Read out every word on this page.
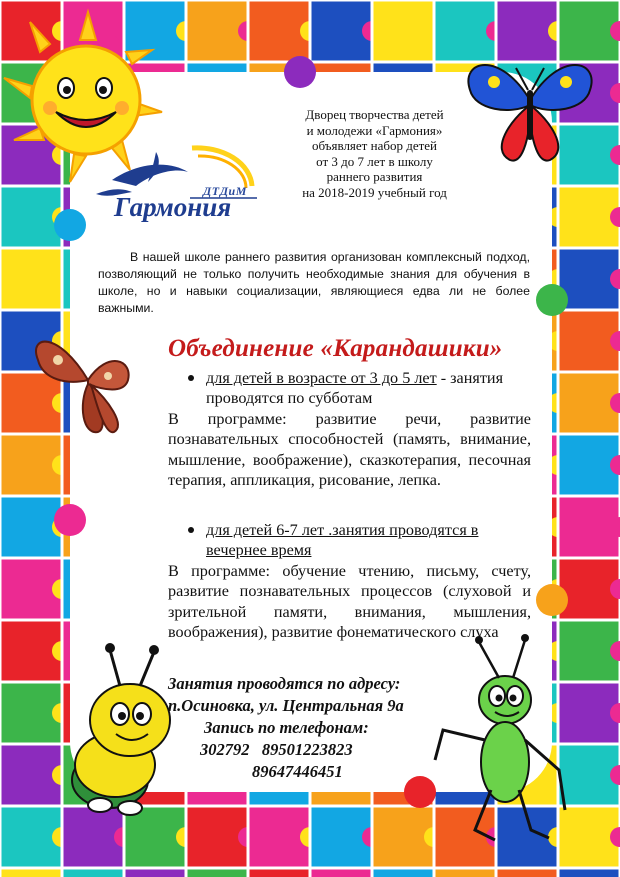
Дворец творчества детей
и молодежи «Гармония»
объявляет набор детей
от 3 до 7 лет в школу
раннего развития
на 2018-2019 учебный год
ДТДиМ
Гармония

В нашей школе раннего развития организован комплексный подход, позволяющий не только получить необходимые знания для обучения в школе, но и навыки социализации, являющиеся едва ли не более важными.

Объединение «Карандашики»
для детей в возрасте от 3 до 5 лет - занятия проводятся по субботам
В программе: развитие речи, развитие познавательных способностей (память, внимание, мышление, воображение), сказкотерапия, песочная терапия, аппликация, рисование, лепка.
для детей 6-7 лет .занятия проводятся в вечернее время
В программе: обучение чтению, письму, счету, развитие познавательных процессов (слуховой и зрительной памяти, внимания, мышления, воображения), развитие фонематического слуха

Занятия проводятся по адресу:

п.Осиновка, ул. Центральная 9а

Запись по телефонам:

302792   89501223823

89647446451
